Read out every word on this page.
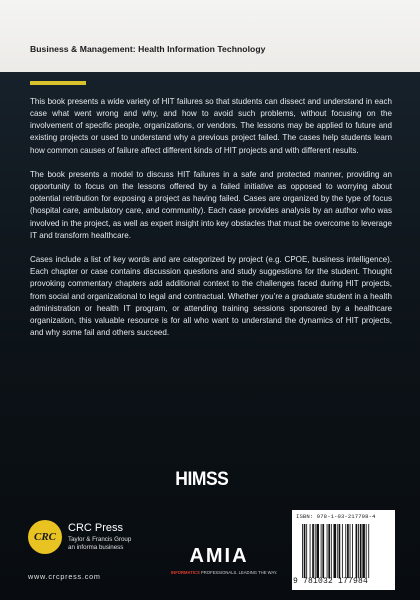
Business & Management: Health Information Technology

This book presents a wide variety of HIT failures so that students can dissect and understand in each case what went wrong and why, and how to avoid such problems, without focusing on the involvement of specific people, organizations, or vendors. The lessons may be applied to future and existing projects or used to understand why a previous project failed. The cases help students learn how common causes of failure affect different kinds of HIT projects and with different results.

The book presents a model to discuss HIT failures in a safe and protected manner, providing an opportunity to focus on the lessons offered by a failed initiative as opposed to worrying about potential retribution for exposing a project as having failed. Cases are organized by the type of focus (hospital care, ambulatory care, and community). Each case provides analysis by an author who was involved in the project, as well as expert insight into key obstacles that must be overcome to leverage IT and transform healthcare.

Cases include a list of key words and are categorized by project (e.g. CPOE, business intelligence). Each chapter or case contains discussion questions and study suggestions for the student. Thought provoking commentary chapters add additional context to the challenges faced during HIT projects, from social and organizational to legal and contractual. Whether you’re a graduate student in a health administration or health IT program, or attending training sessions sponsored by a healthcare organization, this valuable resource is for all who want to understand the dynamics of HIT projects, and why some fail and others succeed.

HIMSS
CRC
CRC Press
Taylor & Francis Group
an informa business
www.crcpress.com
AMIA
INFORMATICS PROFESSIONALS. LEADING THE WAY.
ISBN: 978-1-03-217798-4
9 781032 177984
